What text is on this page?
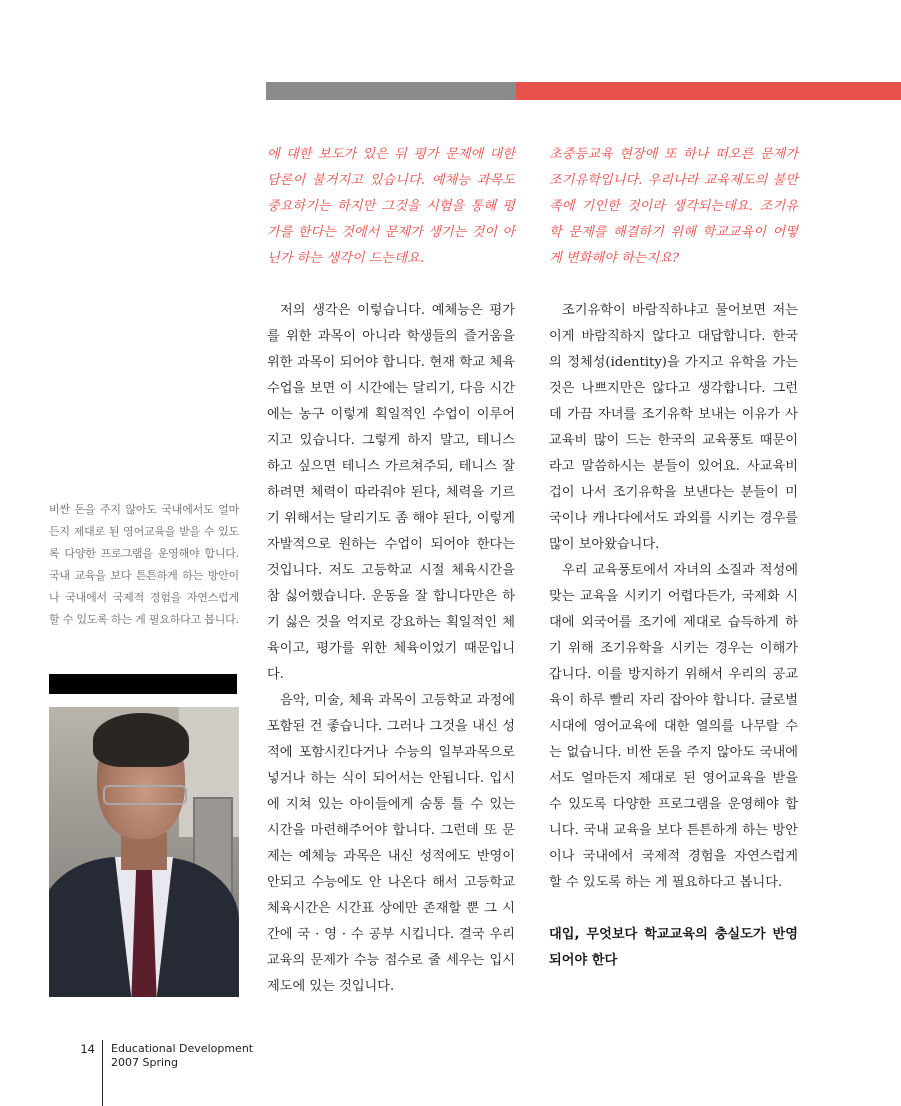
에 대한 보도가 있은 뒤 평가 문제에 대한 담론이 불거지고 있습니다. 예체능 과목도 중요하기는 하지만 그것을 시험을 통해 평가를 한다는 것에서 문제가 생기는 것이 아닌가 하는 생각이 드는데요.

저의 생각은 이렇습니다. 예체능은 평가를 위한 과목이 아니라 학생들의 즐거움을 위한 과목이 되어야 합니다. 현재 학교 체육수업을 보면 이 시간에는 달리기, 다음 시간에는 농구 이렇게 획일적인 수업이 이루어지고 있습니다. 그렇게 하지 말고, 테니스 하고 싶으면 테니스 가르쳐주되, 테니스 잘 하려면 체력이 따라줘야 된다, 체력을 기르기 위해서는 달리기도 좀 해야 된다, 이렇게 자발적으로 원하는 수업이 되어야 한다는 것입니다. 저도 고등학교 시절 체육시간을 참 싫어했습니다. 운동을 잘 합니다만은 하기 싫은 것을 억지로 강요하는 획일적인 체육이고, 평가를 위한 체육이었기 때문입니다.

음악, 미술, 체육 과목이 고등학교 과정에 포함된 건 좋습니다. 그러나 그것을 내신 성적에 포함시킨다거나 수능의 일부과목으로 넣거나 하는 식이 되어서는 안됩니다. 입시에 지쳐 있는 아이들에게 숨통 틀 수 있는 시간을 마련해주어야 합니다. 그런데 또 문제는 예체능 과목은 내신 성적에도 반영이 안되고 수능에도 안 나온다 해서 고등학교 체육시간은 시간표 상에만 존재할 뿐 그 시간에 국 · 영 · 수 공부 시킵니다. 결국 우리 교육의 문제가 수능 점수로 줄 세우는 입시제도에 있는 것입니다.

초중등교육 현장에 또 하나 떠오른 문제가 조기유학입니다. 우리나라 교육제도의 불만족에 기인한 것이라 생각되는데요. 조기유학 문제를 해결하기 위해 학교교육이 어떻게 변화해야 하는지요?

조기유학이 바람직하냐고 물어보면 저는 이게 바람직하지 않다고 대답합니다. 한국의 정체성(identity)을 가지고 유학을 가는 것은 나쁘지만은 않다고 생각합니다. 그런데 가끔 자녀를 조기유학 보내는 이유가 사교육비 많이 드는 한국의 교육풍토 때문이라고 말씀하시는 분들이 있어요. 사교육비 겁이 나서 조기유학을 보낸다는 분들이 미국이나 캐나다에서도 과외를 시키는 경우를 많이 보아왔습니다.

우리 교육풍토에서 자녀의 소질과 적성에 맞는 교육을 시키기 어렵다든가, 국제화 시대에 외국어를 조기에 제대로 습득하게 하기 위해 조기유학을 시키는 경우는 이해가 갑니다. 이를 방지하기 위해서 우리의 공교육이 하루 빨리 자리 잡아야 합니다. 글로벌 시대에 영어교육에 대한 열의를 나무랄 수는 없습니다. 비싼 돈을 주지 않아도 국내에서도 얼마든지 제대로 된 영어교육을 받을 수 있도록 다양한 프로그램을 운영해야 합니다. 국내 교육을 보다 튼튼하게 하는 방안이나 국내에서 국제적 경험을 자연스럽게 할 수 있도록 하는 게 필요하다고 봅니다.

대입, 무엇보다 학교교육의 충실도가 반영되어야 한다

비싼 돈을 주지 않아도 국내에서도 얼마든지 제대로 된 영어교육을 받을 수 있도록 다양한 프로그램을 운영해야 합니다. 국내 교육을 보다 튼튼하게 하는 방안이나 국내에서 국제적 경험을 자연스럽게 할 수 있도록 하는 게 필요하다고 봅니다.
14 Educational Development
2007 Spring
